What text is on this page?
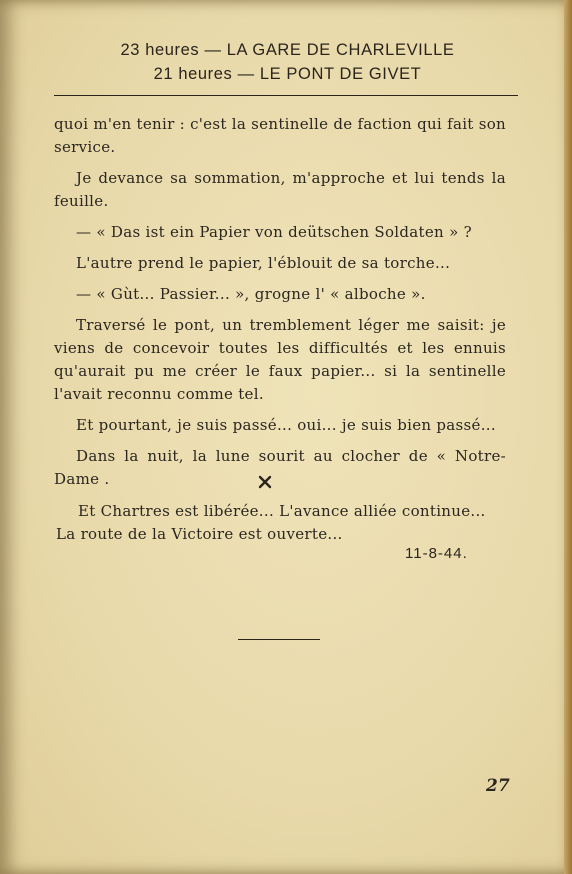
23 heures — LA GARE DE CHARLEVILLE
21 heures — LE PONT DE GIVET

quoi m'en tenir : c'est la sentinelle de faction qui fait son service.

Je devance sa sommation, m'approche et lui tends la feuille.

— « Das ist ein Papier von deütschen Soldaten » ?

L'autre prend le papier, l'éblouit de sa torche...

— « Gùt... Passier... », grogne l' « alboche ».

Traversé le pont, un tremblement léger me saisit: je viens de concevoir toutes les difficultés et les ennuis qu'aurait pu me créer le faux papier... si la sentinelle l'avait reconnu comme tel.

Et pourtant, je suis passé... oui... je suis bien passé...

Dans la nuit, la lune sourit au clocher de « Notre-Dame .

Et Chartres est libérée... L'avance alliée continue...

La route de la Victoire est ouverte...

11-8-44.
27
